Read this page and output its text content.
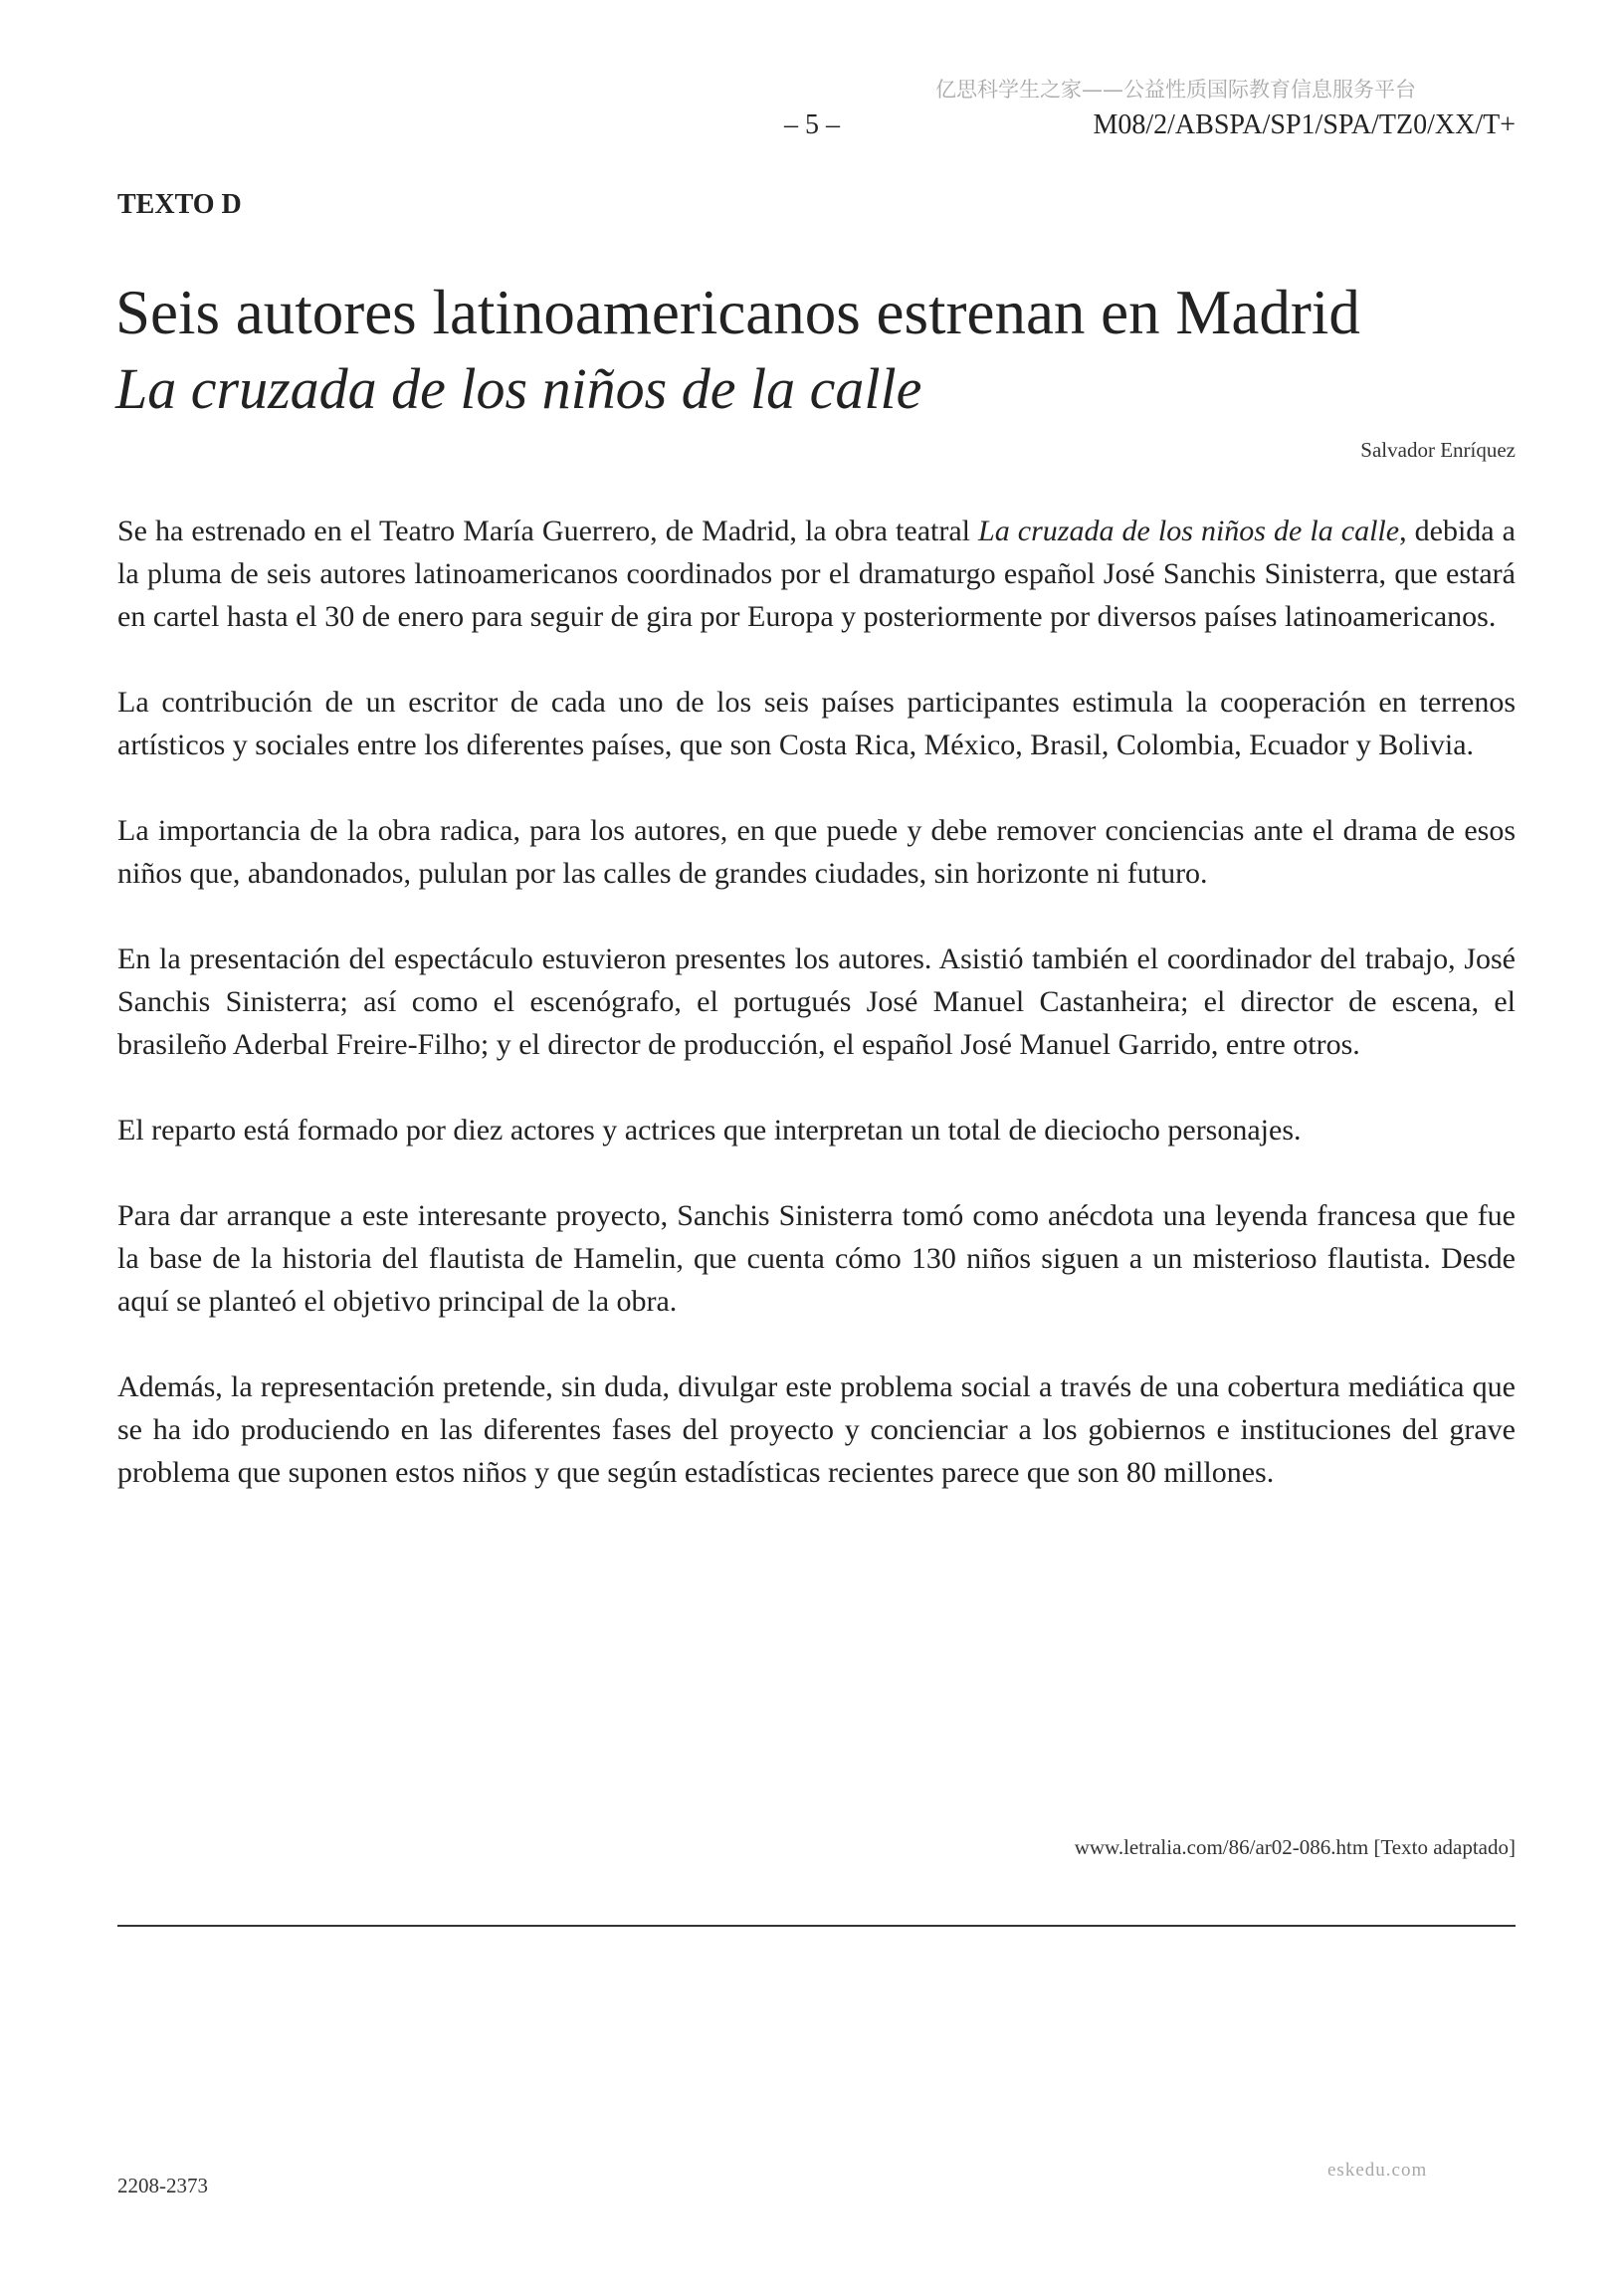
亿思科学生之家——公益性质国际教育信息服务平台
– 5 –	M08/2/ABSPA/SP1/SPA/TZ0/XX/T+
TEXTO D
Seis autores latinoamericanos estrenan en Madrid
La cruzada de los niños de la calle
Salvador Enríquez

Se ha estrenado en el Teatro María Guerrero, de Madrid, la obra teatral La cruzada de los niños de la calle, debida a la pluma de seis autores latinoamericanos coordinados por el dramaturgo español José Sanchis Sinisterra, que estará en cartel hasta el 30 de enero para seguir de gira por Europa y posteriormente por diversos países latinoamericanos.

La contribución de un escritor de cada uno de los seis países participantes estimula la cooperación en terrenos artísticos y sociales entre los diferentes países, que son Costa Rica, México, Brasil, Colombia, Ecuador y Bolivia.

La importancia de la obra radica, para los autores, en que puede y debe remover conciencias ante el drama de esos niños que, abandonados, pululan por las calles de grandes ciudades, sin horizonte ni futuro.

En la presentación del espectáculo estuvieron presentes los autores. Asistió también el coordinador del trabajo, José Sanchis Sinisterra; así como el escenógrafo, el portugués José Manuel Castanheira; el director de escena, el brasileño Aderbal Freire-Filho; y el director de producción, el español José Manuel Garrido, entre otros.

El reparto está formado por diez actores y actrices que interpretan un total de dieciocho personajes.

Para dar arranque a este interesante proyecto, Sanchis Sinisterra tomó como anécdota una leyenda francesa que fue la base de la historia del flautista de Hamelin, que cuenta cómo 130 niños siguen a un misterioso flautista. Desde aquí se planteó el objetivo principal de la obra.

Además, la representación pretende, sin duda, divulgar este problema social a través de una cobertura mediática que se ha ido produciendo en las diferentes fases del proyecto y concienciar a los gobiernos e instituciones del grave problema que suponen estos niños y que según estadísticas recientes parece que son 80 millones.

www.letralia.com/86/ar02-086.htm [Texto adaptado]
2208-2373
eskedu.com
